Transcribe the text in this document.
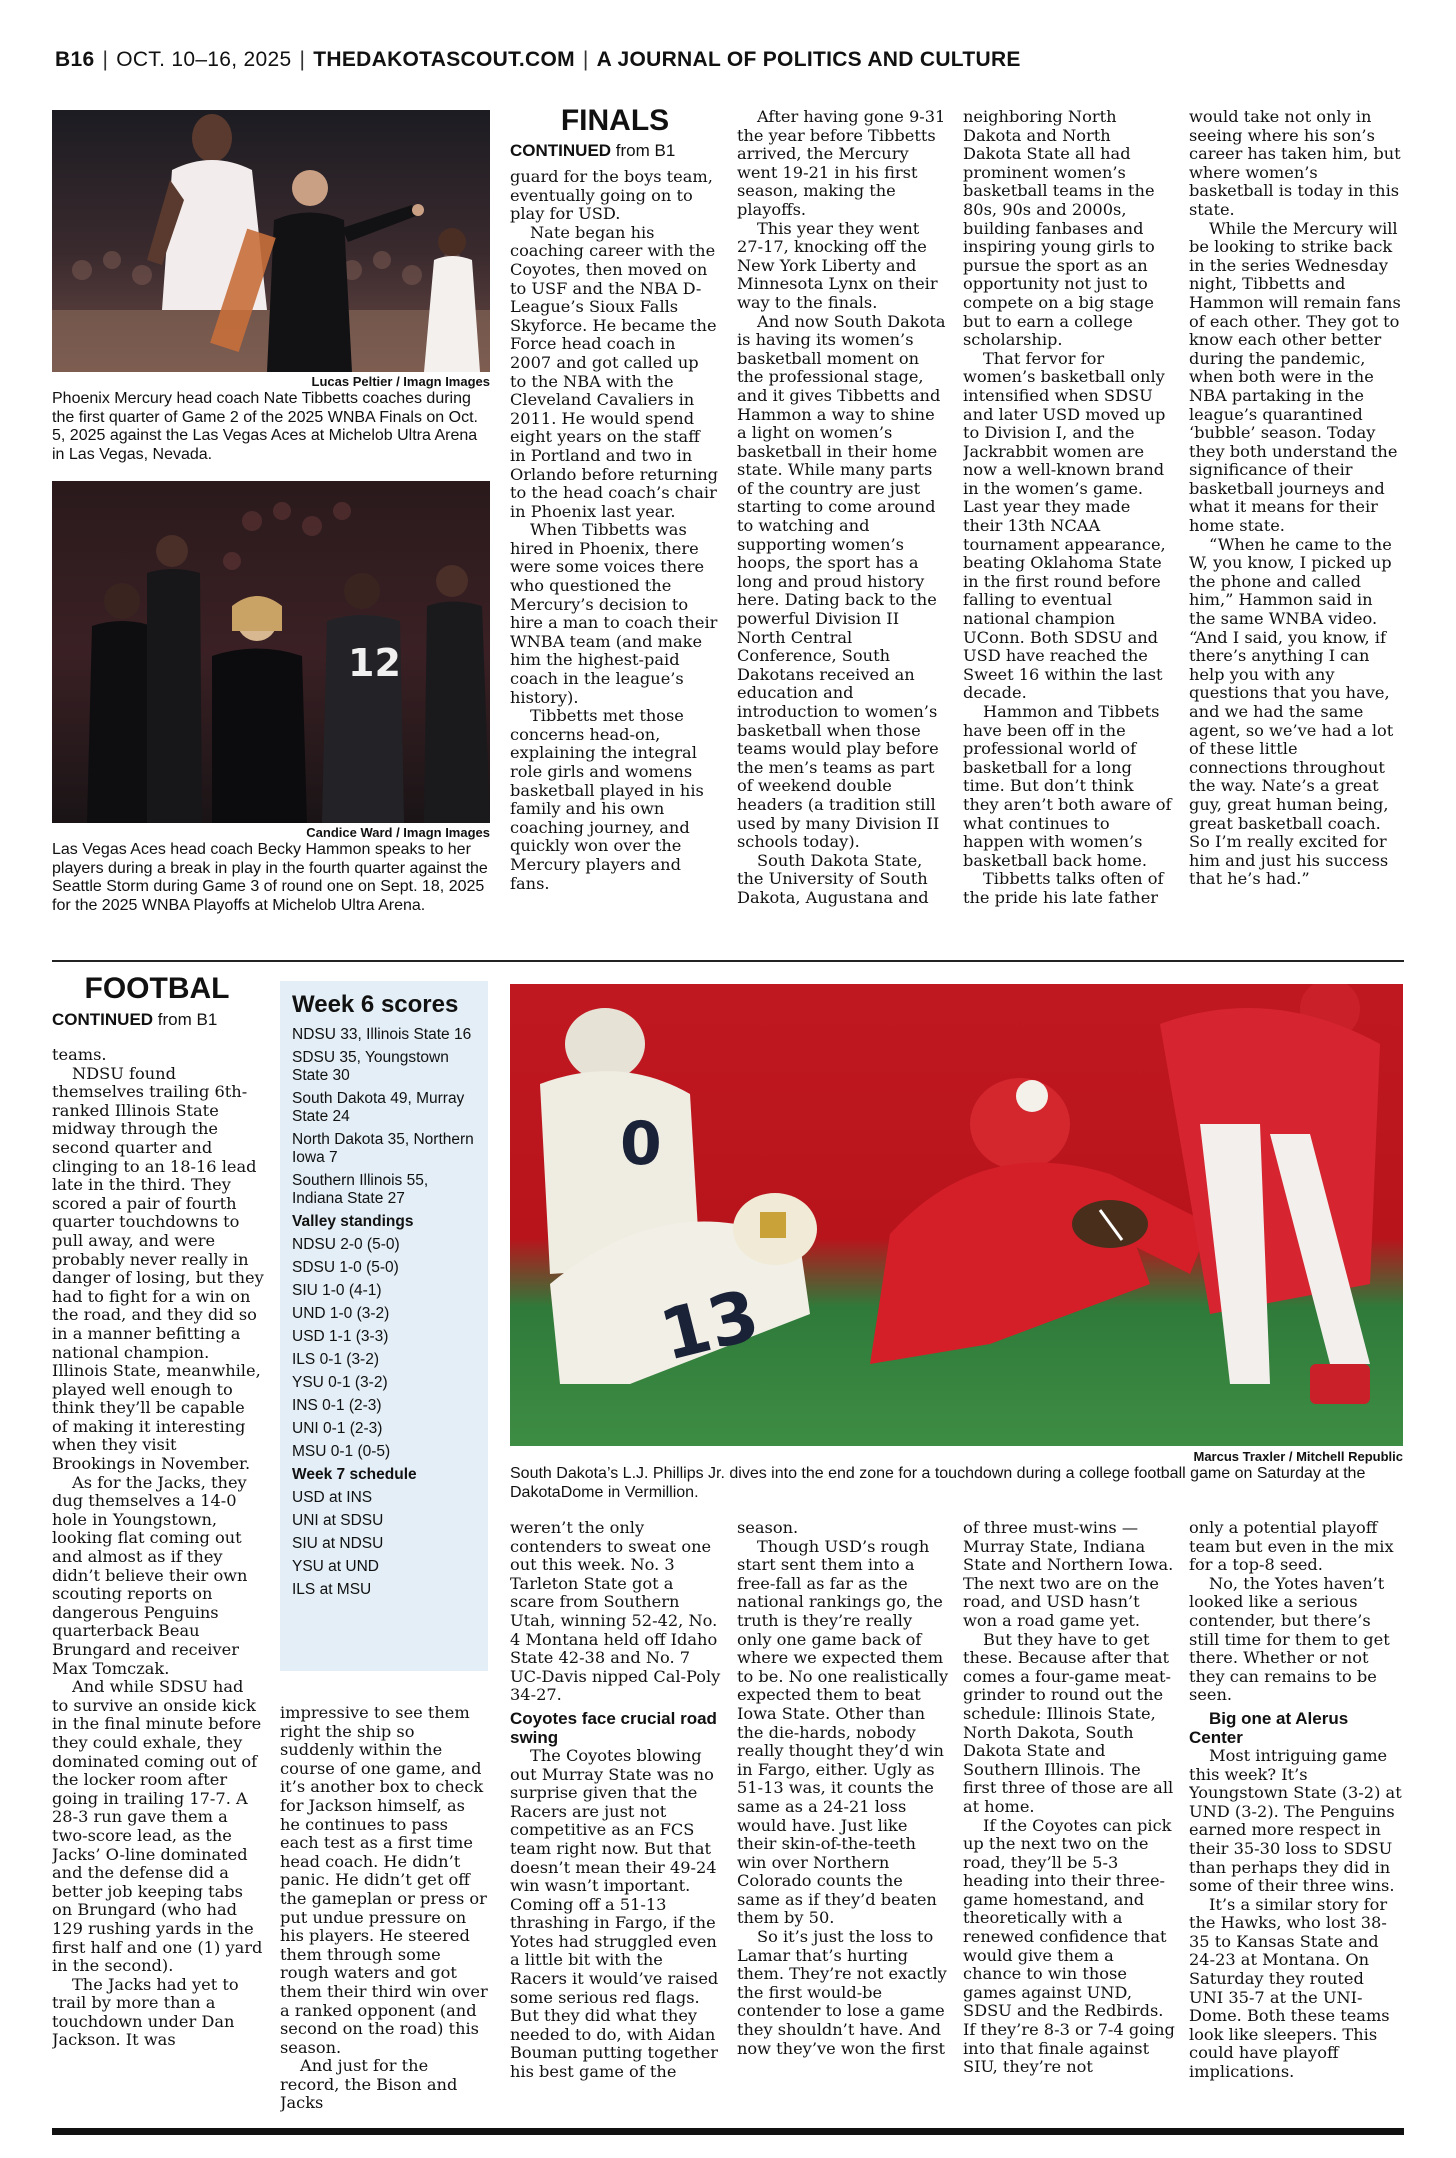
B16 | OCT. 10–16, 2025 | THEDAKOTASCOUT.COM | A JOURNAL OF POLITICS AND CULTURE
Lucas Peltier / Imagn Images
Phoenix Mercury head coach Nate Tibbetts coaches during the first quarter of Game 2 of the 2025 WNBA Finals on Oct. 5, 2025 against the Las Vegas Aces at Michelob Ultra Arena in Las Vegas, Nevada.
12
Candice Ward / Imagn Images
Las Vegas Aces head coach Becky Hammon speaks to her players during a break in play in the fourth quarter against the Seattle Storm during Game 3 of round one on Sept. 18, 2025 for the 2025 WNBA Playoffs at Michelob Ultra Arena.
FINALS
CONTINUED from B1

guard for the boys team, eventually going on to play for USD.

Nate began his coaching career with the Coyotes, then moved on to USF and the NBA D-League’s Sioux Falls Skyforce. He became the Force head coach in 2007 and got called up to the NBA with the Cleveland Cavaliers in 2011. He would spend eight years on the staff in Portland and two in Orlando before returning to the head coach’s chair in Phoenix last year.

When Tibbetts was hired in Phoenix, there were some voices there who questioned the Mercury’s decision to hire a man to coach their WNBA team (and make him the highest-paid coach in the league’s history).

Tibbetts met those concerns head-on, explaining the integral role girls and womens basketball played in his family and his own coaching journey, and quickly won over the Mercury players and fans.

After having gone 9-31 the year before Tibbetts arrived, the Mercury went 19-21 in his first season, making the playoffs.

This year they went 27-17, knocking off the New York Liberty and Minnesota Lynx on their way to the finals.

And now South Dakota is having its women’s basketball moment on the professional stage, and it gives Tibbetts and Hammon a way to shine a light on women’s basketball in their home state. While many parts of the country are just starting to come around to watching and supporting women’s hoops, the sport has a long and proud history here. Dating back to the powerful Division II North Central Conference, South Dakotans received an education and introduction to women’s basketball when those teams would play before the men’s teams as part of weekend double headers (a tradition still used by many Division II schools today).

South Dakota State, the University of South Dakota, Augustana and

neighboring North Dakota and North Dakota State all had prominent women’s basketball teams in the 80s, 90s and 2000s, building fanbases and inspiring young girls to pursue the sport as an opportunity not just to compete on a big stage but to earn a college scholarship.

That fervor for women’s basketball only intensified when SDSU and later USD moved up to Division I, and the Jackrabbit women are now a well-known brand in the women’s game. Last year they made their 13th NCAA tournament appearance, beating Oklahoma State in the first round before falling to eventual national champion UConn. Both SDSU and USD have reached the Sweet 16 within the last decade.

Hammon and Tibbets have been off in the professional world of basketball for a long time. But don’t think they aren’t both aware of what continues to happen with women’s basketball back home.

Tibbetts talks often of the pride his late father

would take not only in seeing where his son’s career has taken him, but where women’s basketball is today in this state.

While the Mercury will be looking to strike back in the series Wednesday night, Tibbetts and Hammon will remain fans of each other. They got to know each other better during the pandemic, when both were in the NBA partaking in the league’s quarantined ‘bubble’ season. Today they both understand the significance of their basketball journeys and what it means for their home state.

“When he came to the W, you know, I picked up the phone and called him,” Hammon said in the same WNBA video. “And I said, you know, if there’s anything I can help you with any questions that you have, and we had the same agent, so we’ve had a lot of these little connections throughout the way. Nate’s a great guy, great human being, great basketball coach. So I’m really excited for him and just his success that he’s had.”

FOOTBAL
CONTINUED from B1

teams.

NDSU found themselves trailing 6th-ranked Illinois State midway through the second quarter and clinging to an 18-16 lead late in the third. They scored a pair of fourth quarter touchdowns to pull away, and were probably never really in danger of losing, but they had to fight for a win on the road, and they did so in a manner befitting a national champion. Illinois State, meanwhile, played well enough to think they’ll be capable of making it interesting when they visit Brookings in November.

As for the Jacks, they dug themselves a 14-0 hole in Youngstown, looking flat coming out and almost as if they didn’t believe their own scouting reports on dangerous Penguins quarterback Beau Brungard and receiver Max Tomczak.

And while SDSU had to survive an onside kick in the final minute before they could exhale, they dominated coming out of the locker room after going in trailing 17-7. A 28-3 run gave them a two-score lead, as the Jacks’ O-line dominated and the defense did a better job keeping tabs on Brungard (who had 129 rushing yards in the first half and one (1) yard in the second).

The Jacks had yet to trail by more than a touchdown under Dan Jackson. It was

Week 6 scores
NDSU 33, Illinois State 16
SDSU 35, Youngstown State 30
South Dakota 49, Murray State 24
North Dakota 35, Northern Iowa 7
Southern Illinois 55, Indiana State 27
Valley standings
NDSU 2-0 (5-0)
SDSU 1-0 (5-0)
SIU 1-0 (4-1)
UND 1-0 (3-2)
USD 1-1 (3-3)
ILS 0-1 (3-2)
YSU 0-1 (3-2)
INS 0-1 (2-3)
UNI 0-1 (2-3)
MSU 0-1 (0-5)
Week 7 schedule
USD at INS
UNI at SDSU
SIU at NDSU
YSU at UND
ILS at MSU

impressive to see them right the ship so suddenly within the course of one game, and it’s another box to check for Jackson himself, as he continues to pass each test as a first time head coach. He didn’t panic. He didn’t get off the gameplan or press or put undue pressure on his players. He steered them through some rough waters and got them their third win over a ranked opponent (and second on the road) this season.

And just for the record, the Bison and Jacks

0
13
Marcus Traxler / Mitchell Republic
South Dakota’s L.J. Phillips Jr. dives into the end zone for a touchdown during a college football game on Saturday at the DakotaDome in Vermillion.

weren’t the only contenders to sweat one out this week. No. 3 Tarleton State got a scare from Southern Utah, winning 52-42, No. 4 Montana held off Idaho State 42-38 and No. 7 UC-Davis nipped Cal-Poly 34-27.

Coyotes face crucial road swing

The Coyotes blowing out Murray State was no surprise given that the Racers are just not competitive as an FCS team right now. But that doesn’t mean their 49-24 win wasn’t important. Coming off a 51-13 thrashing in Fargo, if the Yotes had struggled even a little bit with the Racers it would’ve raised some serious red flags. But they did what they needed to do, with Aidan Bouman putting together his best game of the

season.

Though USD’s rough start sent them into a free-fall as far as the national rankings go, the truth is they’re really only one game back of where we expected them to be. No one realistically expected them to beat Iowa State. Other than the die-hards, nobody really thought they’d win in Fargo, either. Ugly as 51-13 was, it counts the same as a 24-21 loss would have. Just like their skin-of-the-teeth win over Northern Colorado counts the same as if they’d beaten them by 50.

So it’s just the loss to Lamar that’s hurting them. They’re not exactly the first would-be contender to lose a game they shouldn’t have. And now they’ve won the first

of three must-wins — Murray State, Indiana State and Northern Iowa. The next two are on the road, and USD hasn’t won a road game yet.

But they have to get these. Because after that comes a four-game meat-grinder to round out the schedule: Illinois State, North Dakota, South Dakota State and Southern Illinois. The first three of those are all at home.

If the Coyotes can pick up the next two on the road, they’ll be 5-3 heading into their three-game homestand, and theoretically with a renewed confidence that would give them a chance to win those games against UND, SDSU and the Redbirds. If they’re 8-3 or 7-4 going into that finale against SIU, they’re not

only a potential playoff team but even in the mix for a top-8 seed.

No, the Yotes haven’t looked like a serious contender, but there’s still time for them to get there. Whether or not they can remains to be seen.

Big one at Alerus Center

Most intriguing game this week? It’s Youngstown State (3-2) at UND (3-2). The Penguins earned more respect in their 35-30 loss to SDSU than perhaps they did in some of their three wins.

It’s a similar story for the Hawks, who lost 38-35 to Kansas State and 24-23 at Montana. On Saturday they routed UNI 35-7 at the UNI-Dome. Both these teams look like sleepers. This could have playoff implications.
